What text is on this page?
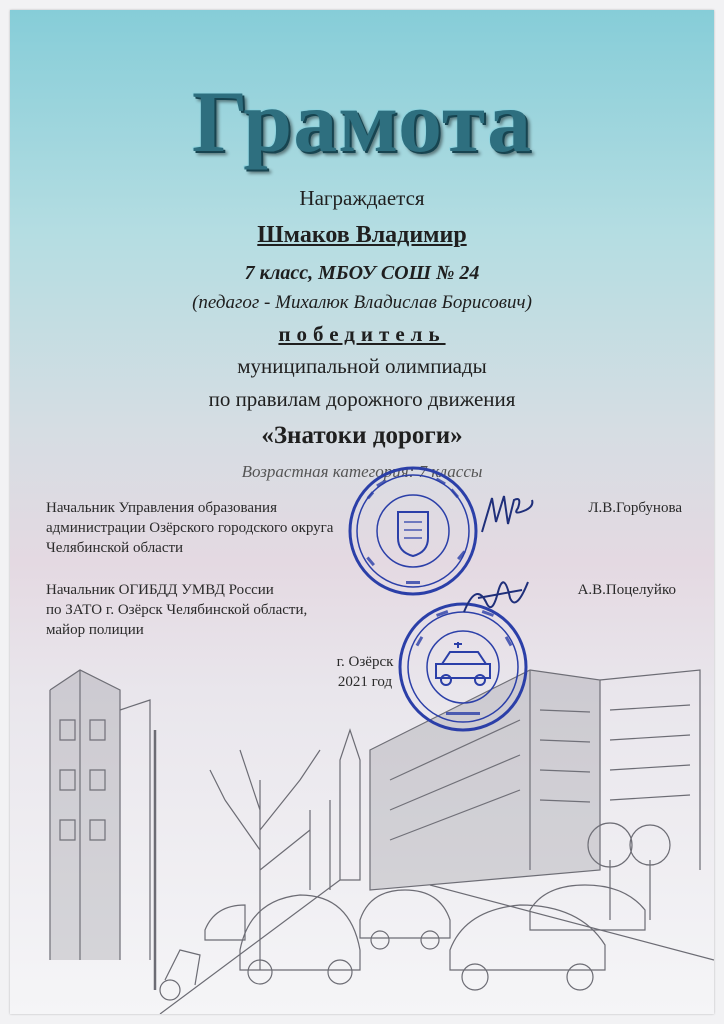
Грамота
Награждается
Шмаков Владимир
7 класс, МБОУ СОШ № 24
(педагог - Михалюк Владислав Борисович)
победитель
муниципальной олимпиады
по правилам дорожного движения
«Знатоки дороги»
Возрастная категория: 7 классы
Начальник Управления образования
администрации Озёрского городского округа
Челябинской области
Л.В.Горбунова
Начальник ОГИБДД УМВД России
по ЗАТО г. Озёрск Челябинской области,
майор полиции
А.В.Поцелуйко
г. Озёрск
2021 год
